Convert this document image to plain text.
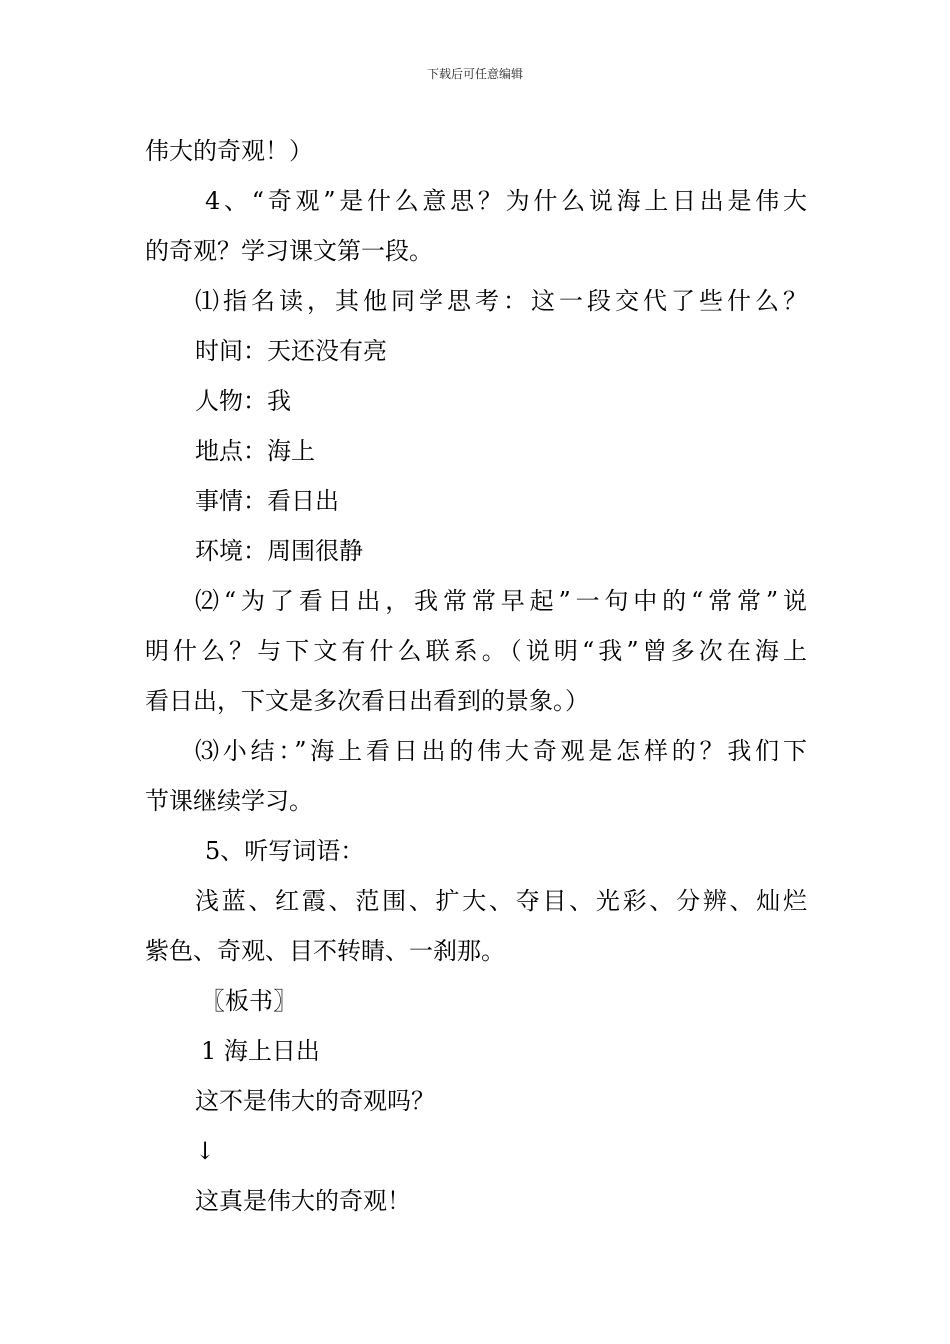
下载后可任意编辑
伟大的奇观！）
4、“奇观”是什么意思？为什么说海上日出是伟大
的奇观？学习课文第一段。
⑴指名读，其他同学思考：这一段交代了些什么？
时间：天还没有亮
人物：我
地点：海上
事情：看日出
环境：周围很静
⑵“为了看日出，我常常早起”一句中的“常常”说
明什么？与下文有什么联系。（说明“我”曾多次在海上
看日出，下文是多次看日出看到的景象。）
⑶小结：”海上看日出的伟大奇观是怎样的？我们下
节课继续学习。
5、听写词语：
浅蓝、红霞、范围、扩大、夺目、光彩、分辨、灿烂
紫色、奇观、目不转睛、一刹那。
〖板书〗
1 海上日出
这不是伟大的奇观吗？
↓
这真是伟大的奇观！
